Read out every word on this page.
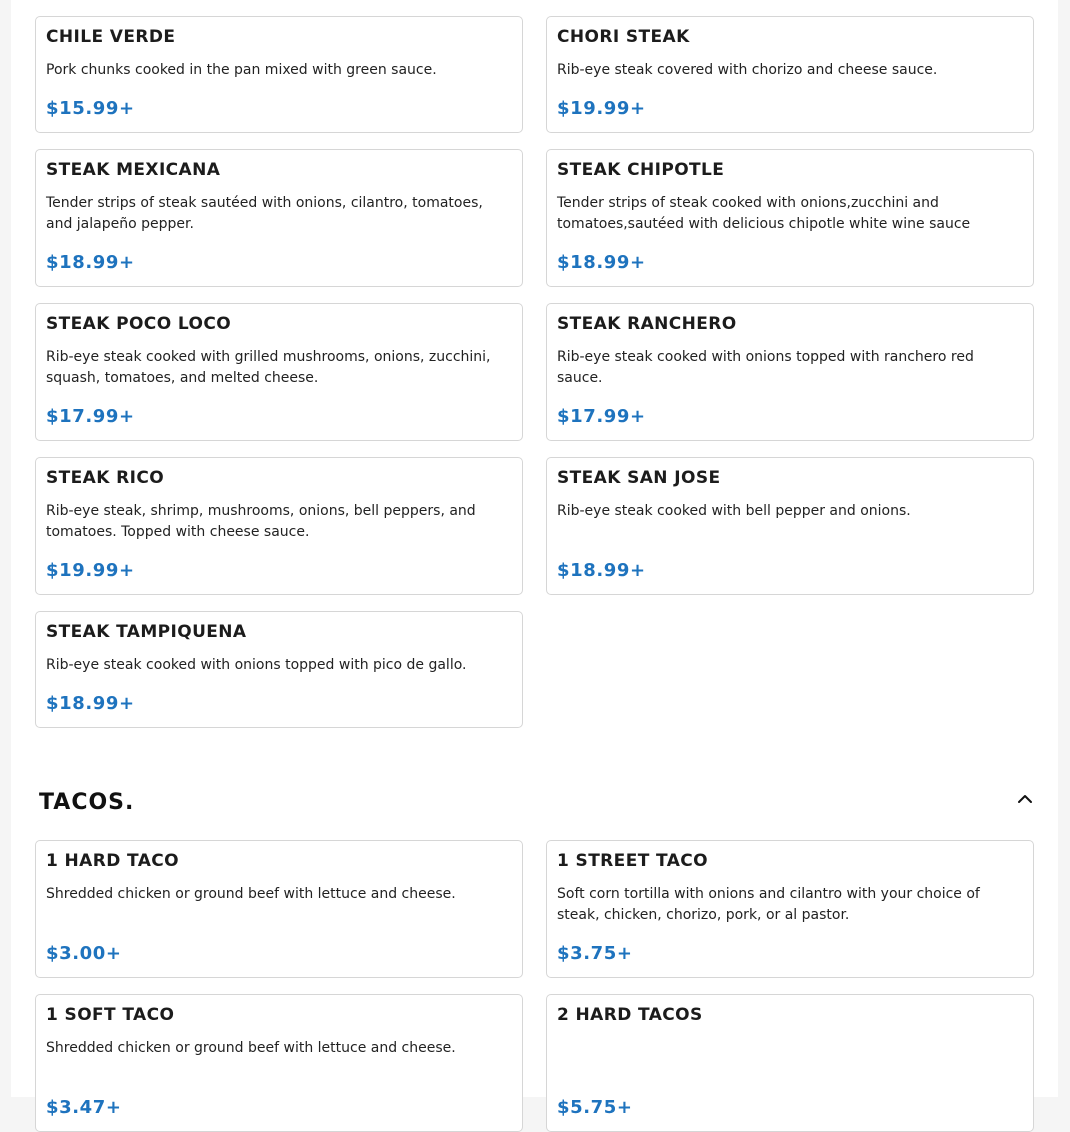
CHILE VERDE
Pork chunks cooked in the pan mixed with green sauce.
$15.99+
CHORI STEAK
Rib-eye steak covered with chorizo and cheese sauce.
$19.99+
STEAK MEXICANA
Tender strips of steak sautéed with onions, cilantro, tomatoes, and jalapeño pepper.
$18.99+
STEAK CHIPOTLE
Tender strips of steak cooked with onions,zucchini and tomatoes,sautéed with delicious chipotle white wine sauce
$18.99+
STEAK POCO LOCO
Rib-eye steak cooked with grilled mushrooms, onions, zucchini, squash, tomatoes, and melted cheese.
$17.99+
STEAK RANCHERO
Rib-eye steak cooked with onions topped with ranchero red sauce.
$17.99+
STEAK RICO
Rib-eye steak, shrimp, mushrooms, onions, bell peppers, and tomatoes. Topped with cheese sauce.
$19.99+
STEAK SAN JOSE
Rib-eye steak cooked with bell pepper and onions.
$18.99+
STEAK TAMPIQUENA
Rib-eye steak cooked with onions topped with pico de gallo.
$18.99+
TACOS.
1 HARD TACO
Shredded chicken or ground beef with lettuce and cheese.
$3.00+
1 STREET TACO
Soft corn tortilla with onions and cilantro with your choice of steak, chicken, chorizo, pork, or al pastor.
$3.75+
1 SOFT TACO
Shredded chicken or ground beef with lettuce and cheese.
$3.47+
2 HARD TACOS
$5.75+
